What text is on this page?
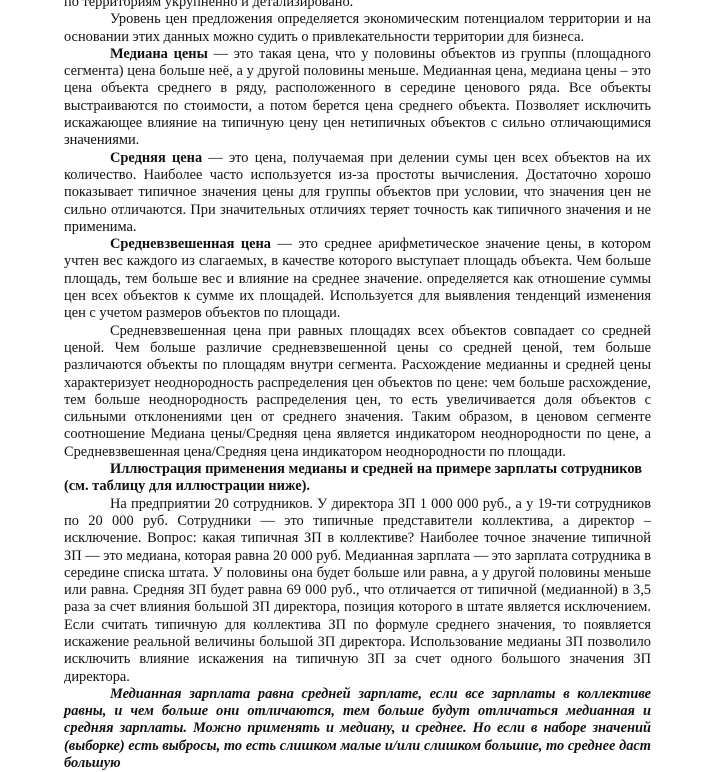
по территориям укрупненно и детализировано.

Уровень цен предложения определяется экономическим потенциалом территории и на основании этих данных можно судить о привлекательности территории для бизнеса.

Медиана цены — это такая цена, что у половины объектов из группы (площадного сегмента) цена больше неё, а у другой половины меньше. Медианная цена, медиана цены – это цена объекта среднего в ряду, расположенного в середине ценового ряда. Все объекты выстраиваются по стоимости, а потом берется цена среднего объекта. Позволяет исключить искажающее влияние на типичную цену цен нетипичных объектов с сильно отличающимися значениями.

Средняя цена — это цена, получаемая при делении сумы цен всех объектов на их количество. Наиболее часто используется из-за простоты вычисления. Достаточно хорошо показывает типичное значения цены для группы объектов при условии, что значения цен не сильно отличаются. При значительных отличиях теряет точность как типичного значения и не применима.

Средневзвешенная цена — это среднее арифметическое значение цены, в котором учтен вес каждого из слагаемых, в качестве которого выступает площадь объекта. Чем больше площадь, тем больше вес и влияние на среднее значение. определяется как отношение суммы цен всех объектов к сумме их площадей. Используется для выявления тенденций изменения цен с учетом размеров объектов по площади.

Средневзвешенная цена при равных площадях всех объектов совпадает со средней ценой. Чем больше различие средневзвешенной цены со средней ценой, тем больше различаются объекты по площадям внутри сегмента. Расхождение медианны и средней цены характеризует неоднородность распределения цен объектов по цене: чем больше расхождение, тем больше неоднородность распределения цен, то есть увеличивается доля объектов с сильными отклонениями цен от среднего значения. Таким образом, в ценовом сегменте соотношение Медиана цены/Средняя цена является индикатором неоднородности по цене, а Средневзвешенная цена/Средняя цена индикатором неоднородности по площади.

Иллюстрация применения медианы и средней на примере зарплаты сотрудников (см. таблицу для иллюстрации ниже).

На предприятии 20 сотрудников. У директора ЗП 1 000 000 руб., а у 19-ти сотрудников по 20 000 руб. Сотрудники — это типичные представители коллектива, а директор – исключение. Вопрос: какая типичная ЗП в коллективе? Наиболее точное значение типичной ЗП — это медиана, которая равна 20 000 руб. Медианная зарплата — это зарплата сотрудника в середине списка штата. У половины она будет больше или равна, а у другой половины меньше или равна. Средняя ЗП будет равна 69 000 руб., что отличается от типичной (медианной) в 3,5 раза за счет влияния большой ЗП директора, позиция которого в штате является исключением. Если считать типичную для коллектива ЗП по формуле среднего значения, то появляется искажение реальной величины большой ЗП директора. Использование медианы ЗП позволило исключить влияние искажения на типичную ЗП за счет одного большого значения ЗП директора.

Медианная зарплата равна средней зарплате, если все зарплаты в коллективе равны, и чем больше они отличаются, тем больше будут отличаться медианная и средняя зарплаты. Можно применять и медиану, и среднее. Но если в наборе значений (выборке) есть выбросы, то есть слишком малые и/или слишком большие, то среднее даст большую
